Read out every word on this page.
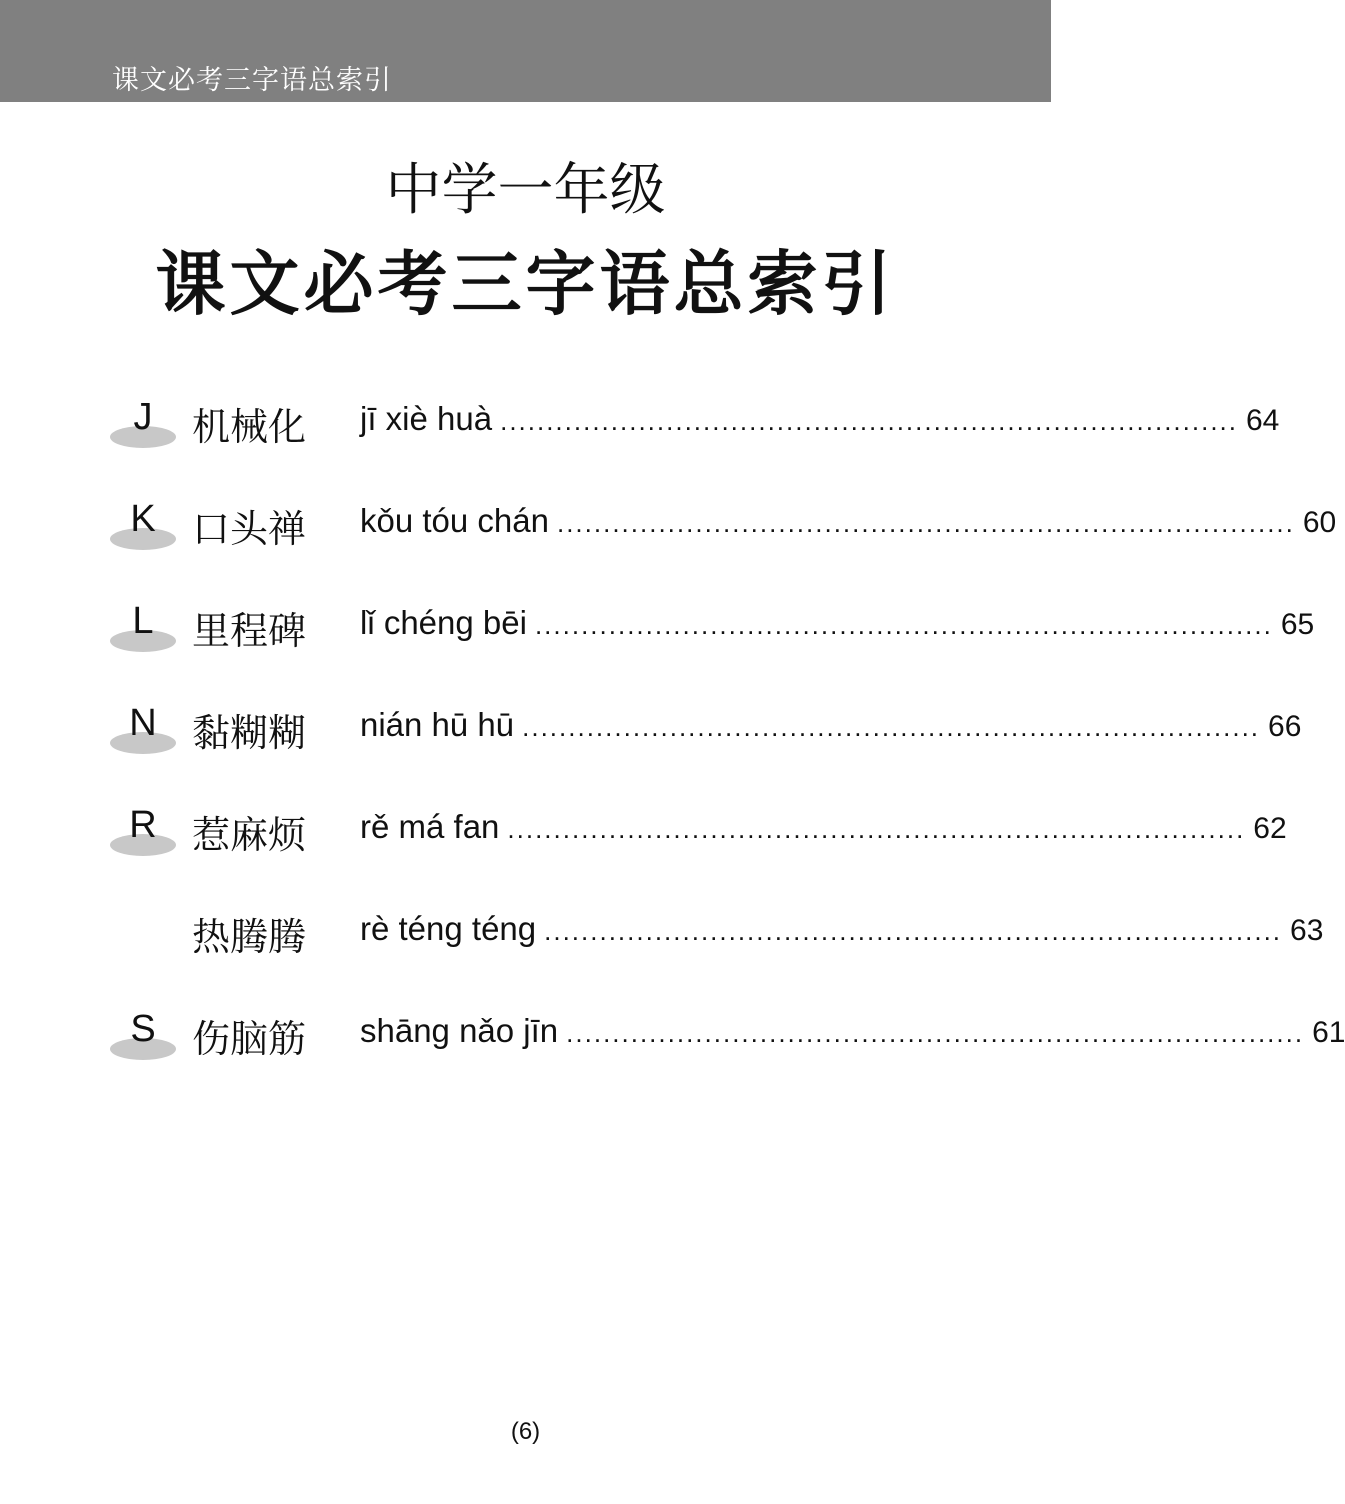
课文必考三字语总索引
中学一年级
课文必考三字语总索引
J	机械化 jī xiè huà ................................................................................ 64
K 口头禅 kǒu tóu chán ................................................................................ 60
L	里程碑 lǐ chéng bēi ................................................................................ 65
N 黏糊糊 nián hū hū ................................................................................ 66
R 惹麻烦 rě má fan ................................................................................ 62
热腾腾 rè téng téng ................................................................................ 63
S 伤脑筋 shāng nǎo jīn ................................................................................ 61
(6)
